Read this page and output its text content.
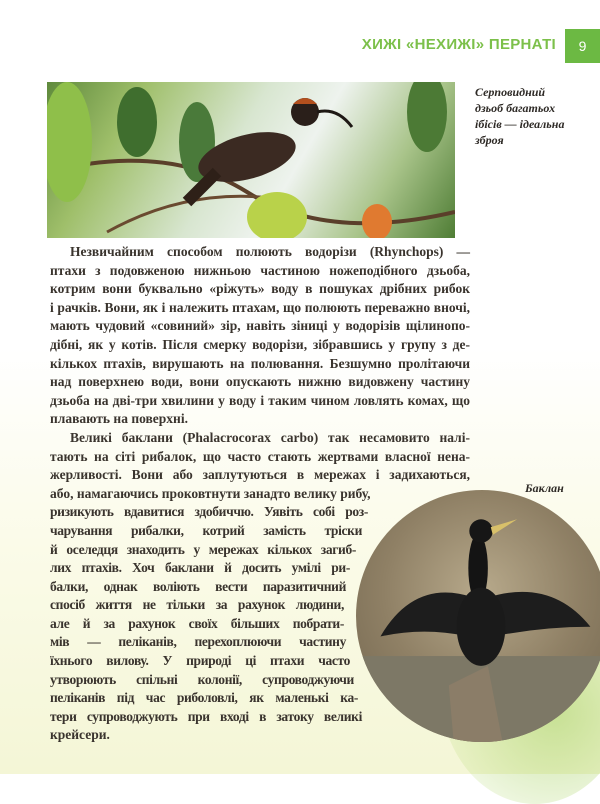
ХИЖІ «НЕХИЖІ» ПЕРНАТІ	9
Серповидний
дзьоб багатьох
ібісів — ідеальна
зброя
Незвичайним способом полюють водорізи (Rhynchops) —
птахи з подовженою нижньою частиною ножеподібного дзьоба,
котрим вони буквально «ріжуть» воду в пошуках дрібних рибок
і рачків. Вони, як і належить птахам, що полюють переважно вночі,
мають чудовий «совиний» зір, навіть зіниці у водорізів щілинопо-
дібні, як у котів. Після смерку водорізи, зібравшись у групу з де-
кількох птахів, вирушають на полювання. Безшумно пролітаючи
над поверхнею води, вони опускають нижню видовжену частину
дзьоба на дві-три хвилини у воду і таким чином ловлять комах, що
плавають на поверхні.
Великі баклани (Phalacrocorax carbo) так несамовито налі-
тають на сіті рибалок, що часто стають жертвами власної нена-
жерливості. Вони або заплутуються в мережах і задихаються,
або, намагаючись проковтнути занадто велику рибу,
ризикують вдавитися здобиччю. Уявіть собі роз-
чарування рибалки, котрий замість тріски
й оселедця знаходить у мережах кількох загиб-
лих птахів. Хоч баклани й досить умілі ри-
балки, однак воліють вести паразитичний
спосіб життя не тільки за рахунок людини,
але й за рахунок своїх більших побрати-
мів — пеліканів, перехоплюючи частину
їхнього вилову. У природі ці птахи часто
утворюють спільні колонії, супроводжуючи
пеліканів під час риболовлі, як маленькі ка-
тери супроводжують при вході в затоку великі
крейсери.
Баклан
